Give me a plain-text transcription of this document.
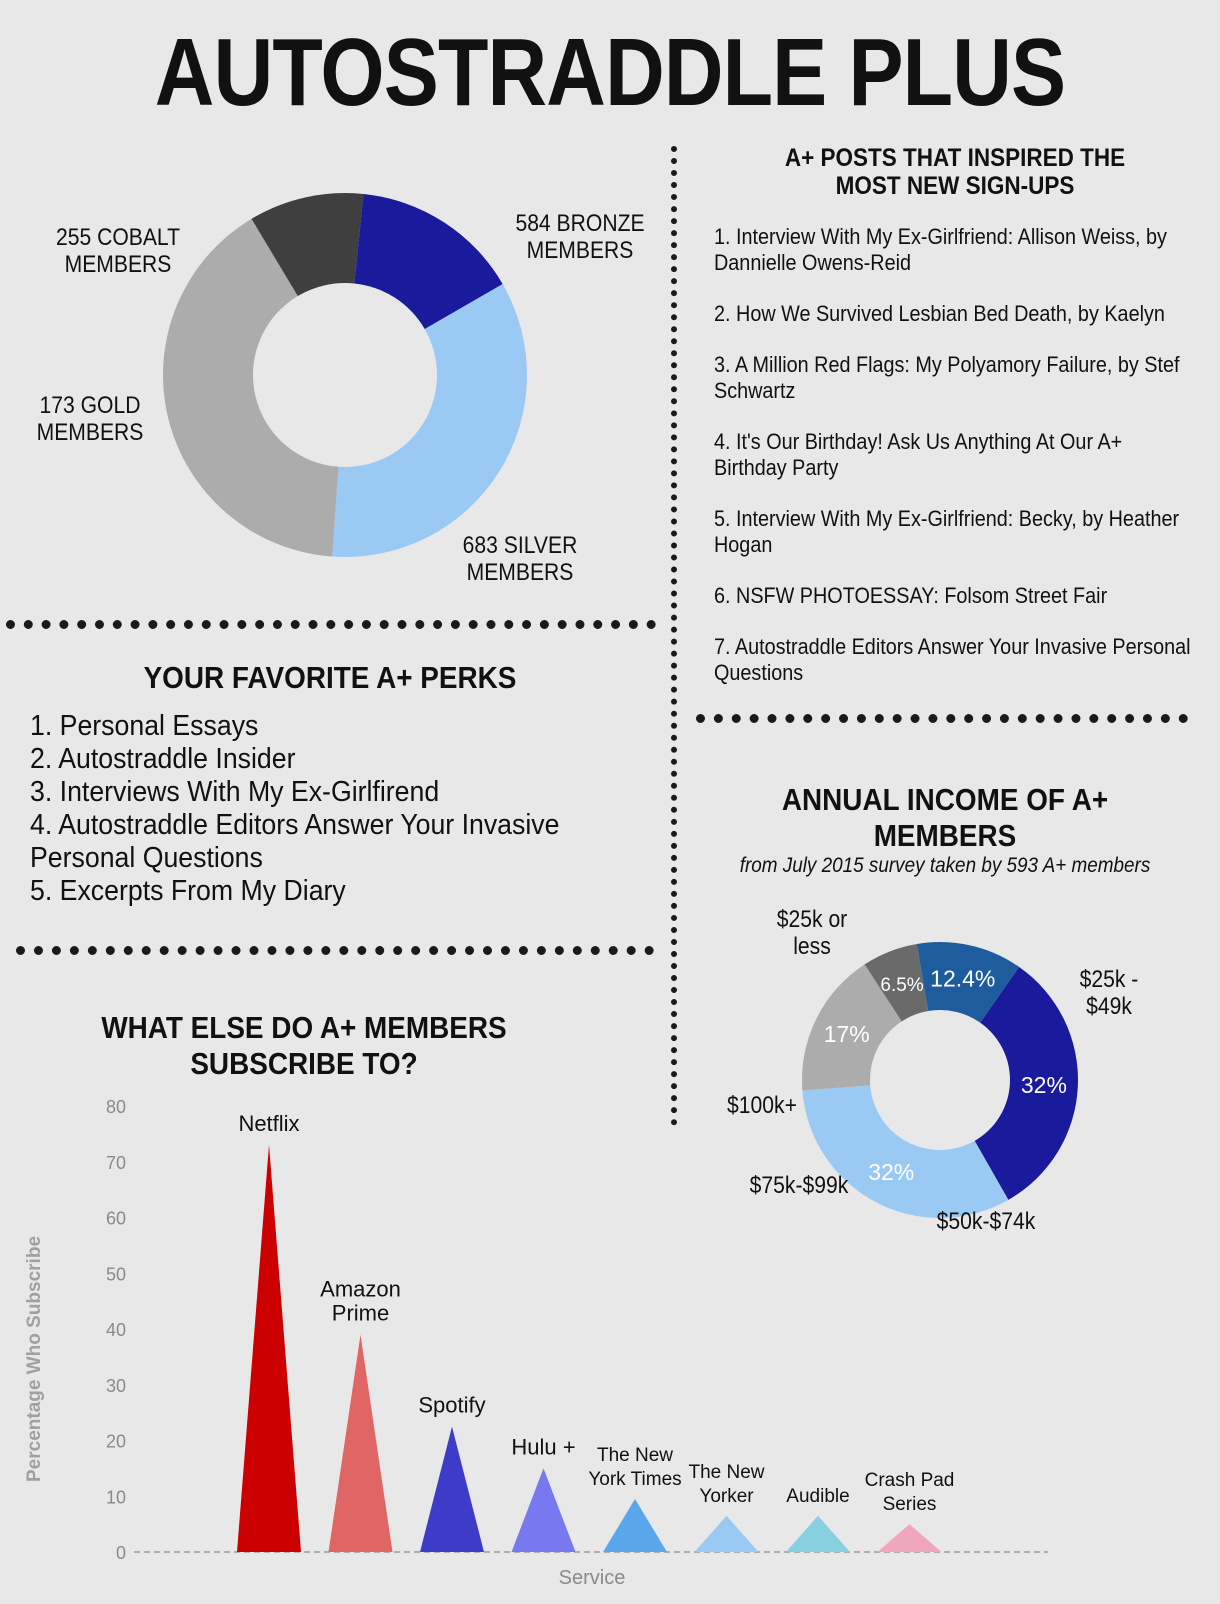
AUTOSTRADDLE PLUS
584 BRONZE
MEMBERS
255 COBALT
MEMBERS
173 GOLD
MEMBERS
683 SILVER
MEMBERS
A+ POSTS THAT INSPIRED THE
MOST NEW SIGN-UPS
1. Interview With My Ex-Girlfriend: Allison Weiss, by Dannielle Owens-Reid
2. How We Survived Lesbian Bed Death, by Kaelyn
3. A Million Red Flags: My Polyamory Failure, by Stef Schwartz
4. It's Our Birthday! Ask Us Anything At Our A+ Birthday Party
5. Interview With My Ex-Girlfriend: Becky, by Heather Hogan
6. NSFW PHOTOESSAY: Folsom Street Fair
7. Autostraddle Editors Answer Your Invasive Personal Questions
YOUR FAVORITE A+ PERKS
1. Personal Essays
2. Autostraddle Insider
3. Interviews With My Ex-Girlfirend
4. Autostraddle Editors Answer Your Invasive Personal Questions
5. Excerpts From My Diary
ANNUAL INCOME OF A+
MEMBERS
from July 2015 survey taken by 593 A+ members
32%
32%
17%
6.5% 12.4%
$25k or
less
$25k -
$49k
$100k+
$75k-$99k
$50k-$74k
WHAT ELSE DO A+ MEMBERS
SUBSCRIBE TO?
0
10
20
30
40
50
60
70
80
Percentage Who Subscribe
Service
Netflix
Amazon Prime
Spotify
Hulu +	The New York Times The New Yorker	Audible
Crash Pad Series
